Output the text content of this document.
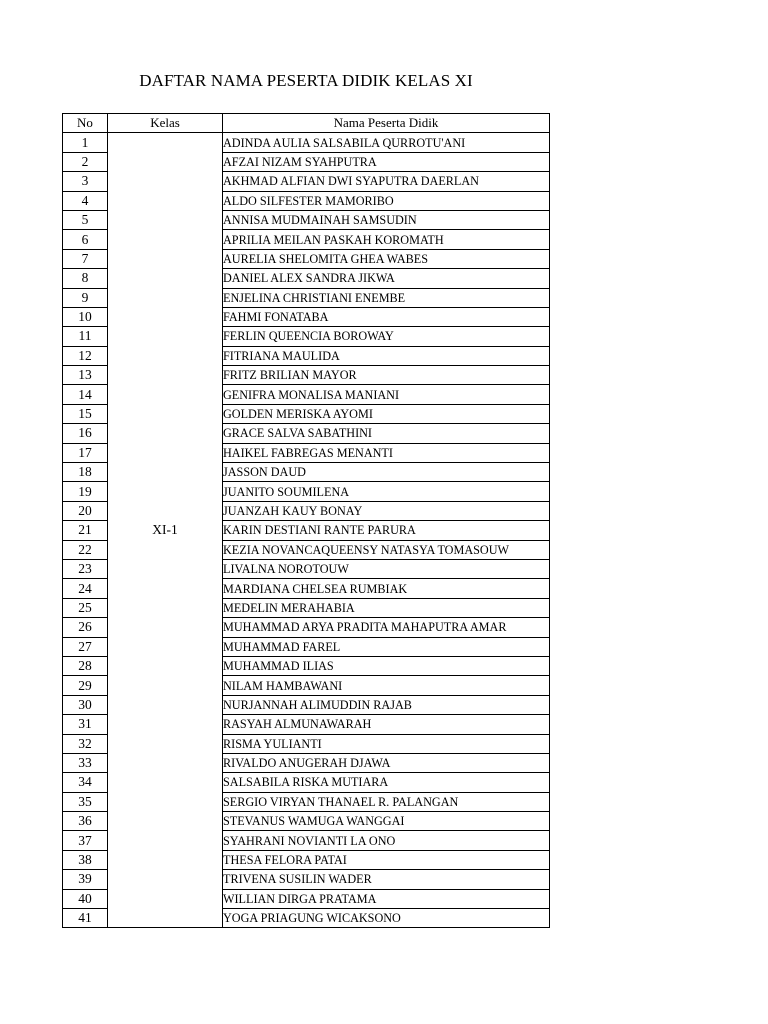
DAFTAR NAMA PESERTA DIDIK KELAS XI
No	Kelas	Nama Peserta Didik
1	XI-1	ADINDA AULIA SALSABILA QURROTU'ANI
2		AFZAI NIZAM SYAHPUTRA
3		AKHMAD ALFIAN DWI SYAPUTRA DAERLAN
4		ALDO SILFESTER MAMORIBO
5		ANNISA MUDMAINAH SAMSUDIN
6		APRILIA MEILAN PASKAH KOROMATH
7		AURELIA SHELOMITA GHEA WABES
8		DANIEL ALEX SANDRA JIKWA
9		ENJELINA CHRISTIANI ENEMBE
10		FAHMI FONATABA
11		FERLIN QUEENCIA BOROWAY
12		FITRIANA MAULIDA
13		FRITZ BRILIAN MAYOR
14		GENIFRA MONALISA MANIANI
15		GOLDEN MERISKA AYOMI
16		GRACE SALVA SABATHINI
17		HAIKEL FABREGAS MENANTI
18		JASSON DAUD
19		JUANITO SOUMILENA
20		JUANZAH KAUY BONAY
21		KARIN DESTIANI RANTE PARURA
22		KEZIA NOVANCAQUEENSY NATASYA TOMASOUW
23		LIVALNA NOROTOUW
24		MARDIANA CHELSEA RUMBIAK
25		MEDELIN MERAHABIA
26		MUHAMMAD ARYA PRADITA MAHAPUTRA AMAR
27		MUHAMMAD FAREL
28		MUHAMMAD ILIAS
29		NILAM HAMBAWANI
30		NURJANNAH ALIMUDDIN RAJAB
31		RASYAH ALMUNAWARAH
32		RISMA YULIANTI
33		RIVALDO ANUGERAH DJAWA
34		SALSABILA RISKA MUTIARA
35		SERGIO VIRYAN THANAEL R. PALANGAN
36		STEVANUS WAMUGA WANGGAI
37		SYAHRANI NOVIANTI LA ONO
38		THESA FELORA PATAI
39		TRIVENA SUSILIN WADER
40		WILLIAN DIRGA PRATAMA
41		YOGA PRIAGUNG WICAKSONO
